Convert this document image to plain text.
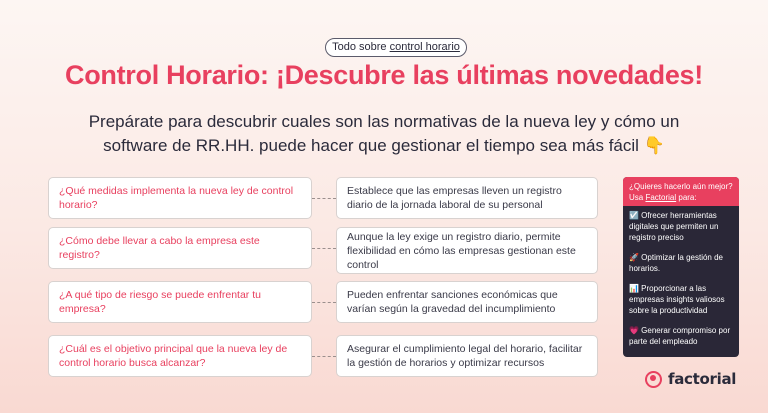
Todo sobre control horario
Control Horario: ¡Descubre las últimas novedades!
Prepárate para descubrir cuales son las normativas de la nueva ley y cómo un software de RR.HH. puede hacer que gestionar el tiempo sea más fácil 👇
¿Qué medidas implementa la nueva ley de control horario?
Establece que las empresas lleven un registro diario de la jornada laboral de su personal
¿Cómo debe llevar a cabo la empresa este registro?
Aunque la ley exige un registro diario, permite flexibilidad en cómo las empresas gestionan este control
¿A qué tipo de riesgo se puede enfrentar tu empresa?
Pueden enfrentar sanciones económicas que varían según la gravedad del incumplimiento
¿Cuál es el objetivo principal que la nueva ley de control horario busca alcanzar?
Asegurar el cumplimiento legal del horario, facilitar la gestión de horarios y optimizar recursos
¿Quieres hacerlo aún mejor? Usa Factorial para:
☑️ Ofrecer herramientas digitales que permiten un registro preciso
🚀 Optimizar la gestión de horarios.
📊 Proporcionar a las empresas insights valiosos sobre la productividad
💗 Generar compromiso por parte del empleado
factorial
